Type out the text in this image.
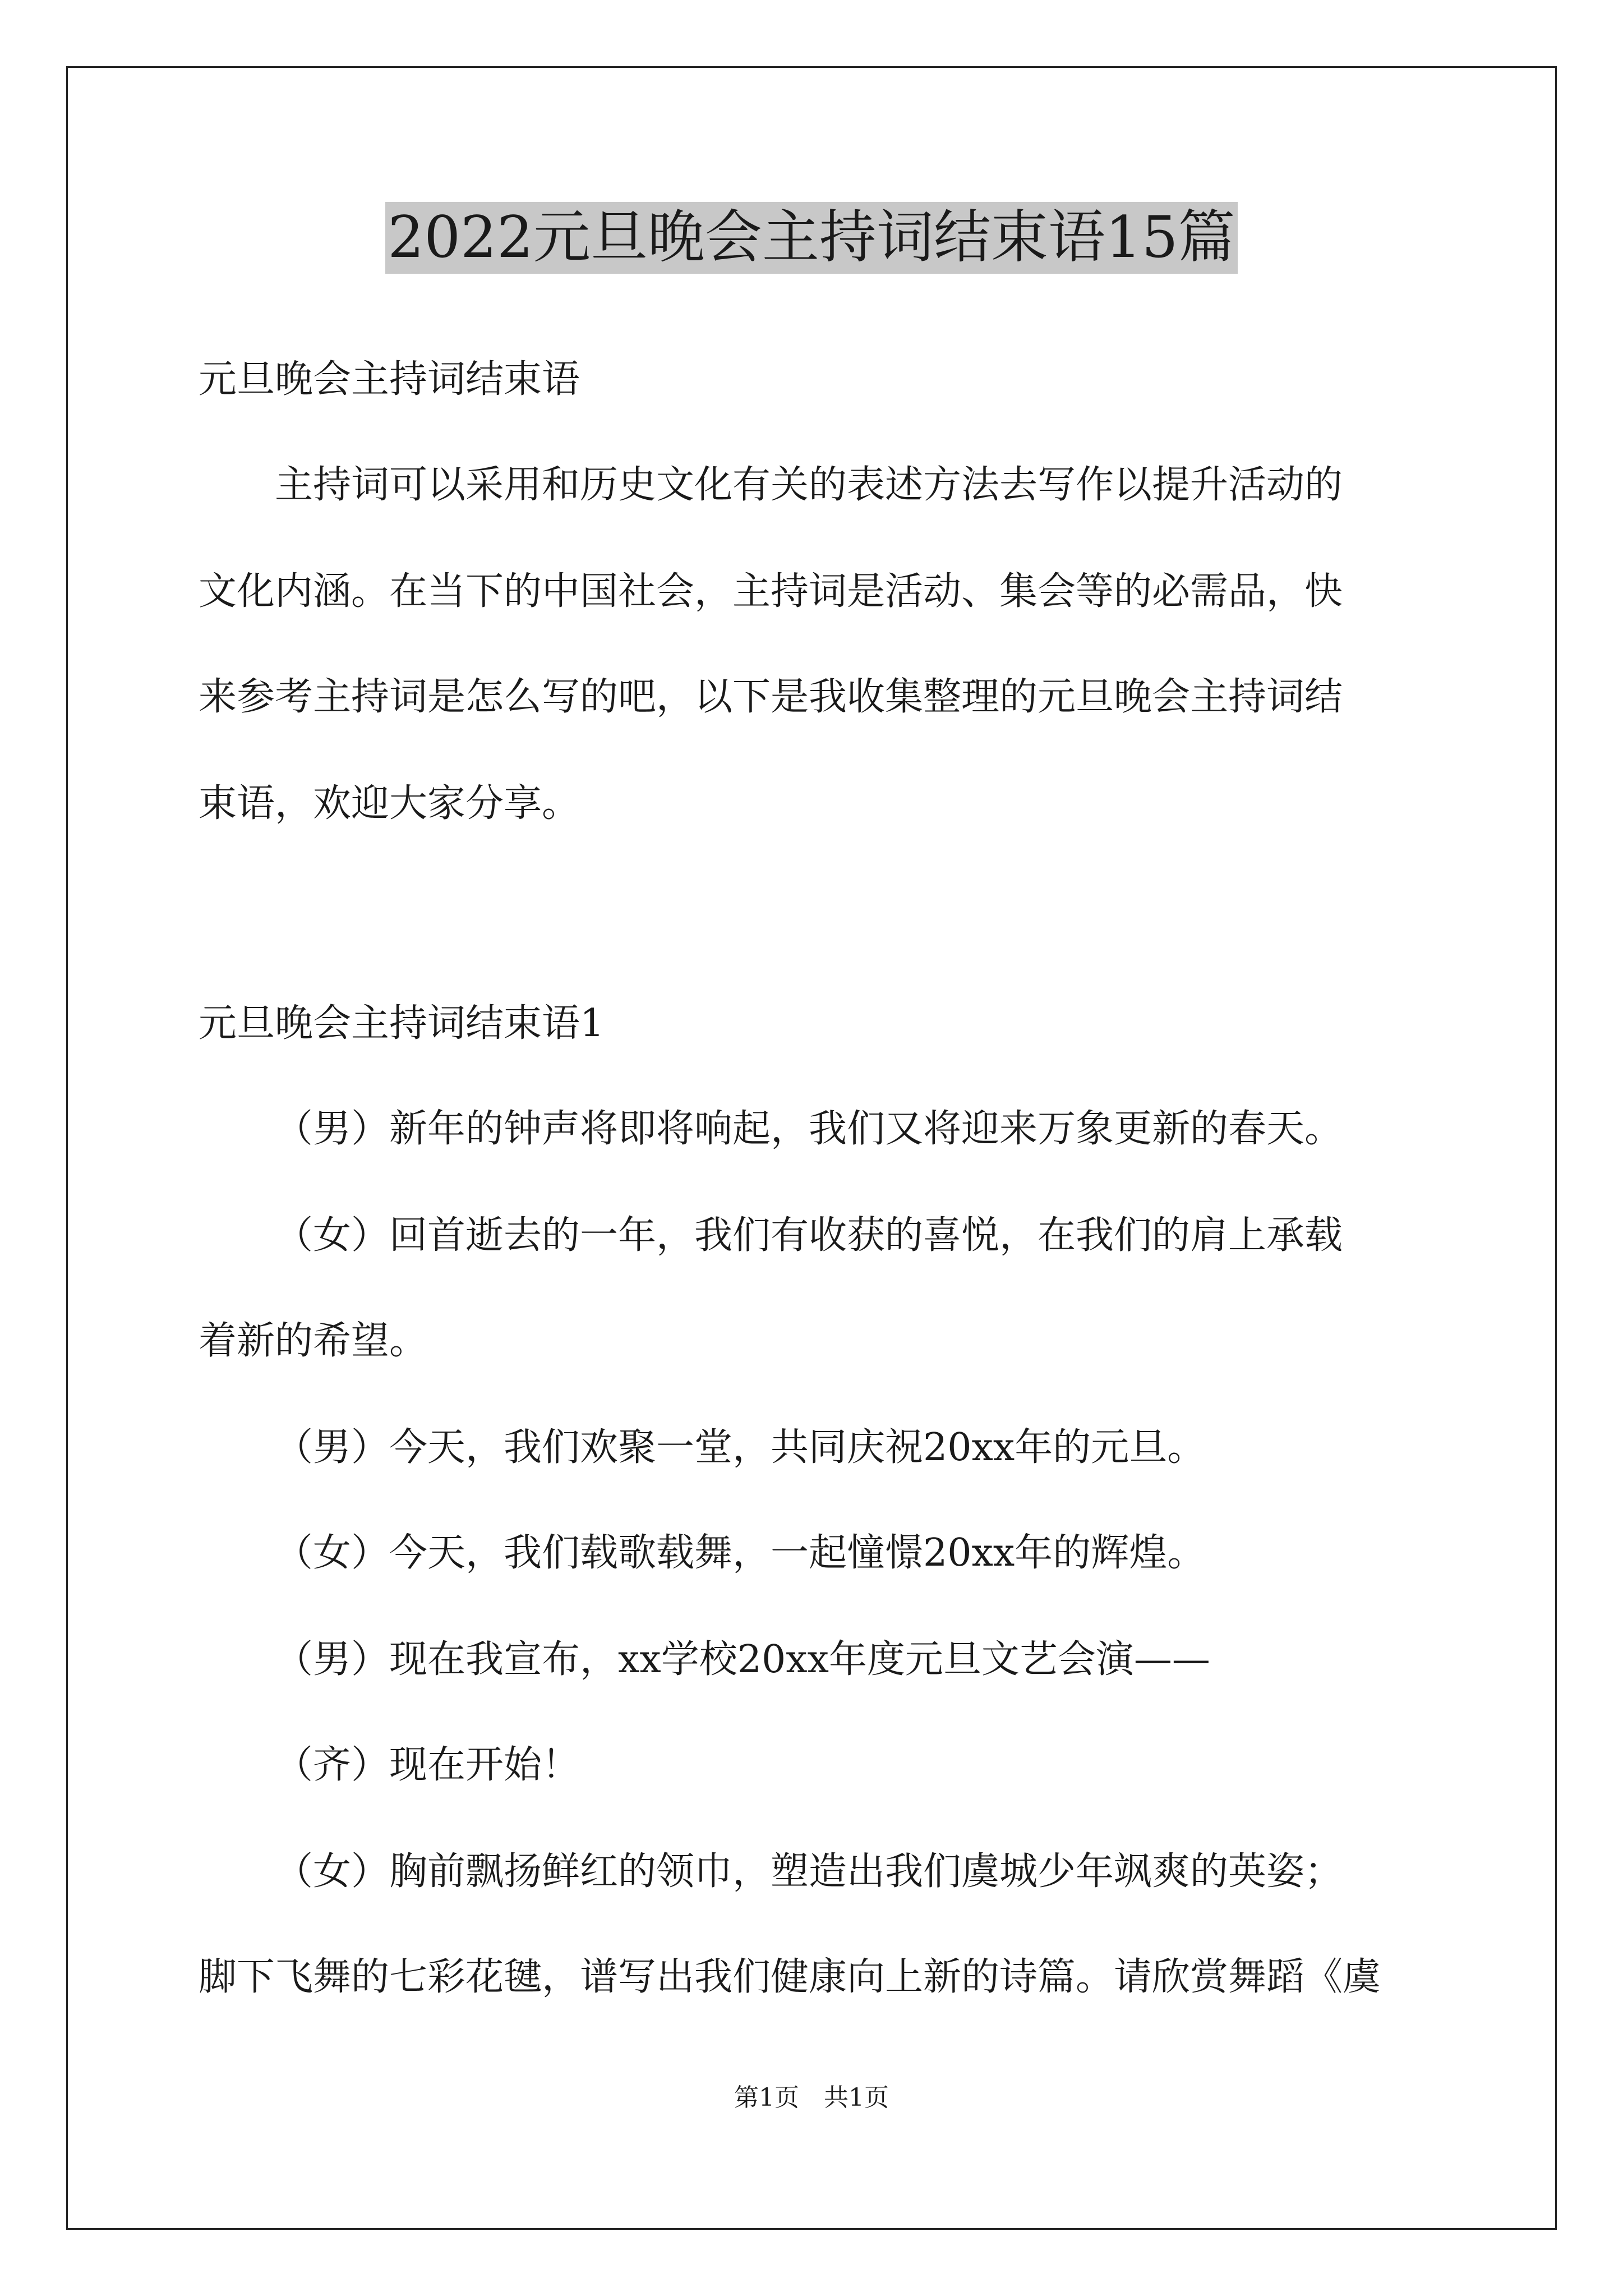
2022元旦晚会主持词结束语15篇
元旦晚会主持词结束语
主持词可以采用和历史文化有关的表述方法去写作以提升活动的
文化内涵。在当下的中国社会，主持词是活动、集会等的必需品，快
来参考主持词是怎么写的吧，以下是我收集整理的元旦晚会主持词结
束语，欢迎大家分享。
元旦晚会主持词结束语1
（男）新年的钟声将即将响起，我们又将迎来万象更新的春天。
（女）回首逝去的一年，我们有收获的喜悦，在我们的肩上承载
着新的希望。
（男）今天，我们欢聚一堂，共同庆祝20xx年的元旦。
（女）今天，我们载歌载舞，一起憧憬20xx年的辉煌。
（男）现在我宣布，xx学校20xx年度元旦文艺会演——
（齐）现在开始！
（女）胸前飘扬鲜红的领巾，塑造出我们虞城少年飒爽的英姿；
脚下飞舞的七彩花毽，谱写出我们健康向上新的诗篇。请欣赏舞蹈《虞
第1页　共1页
